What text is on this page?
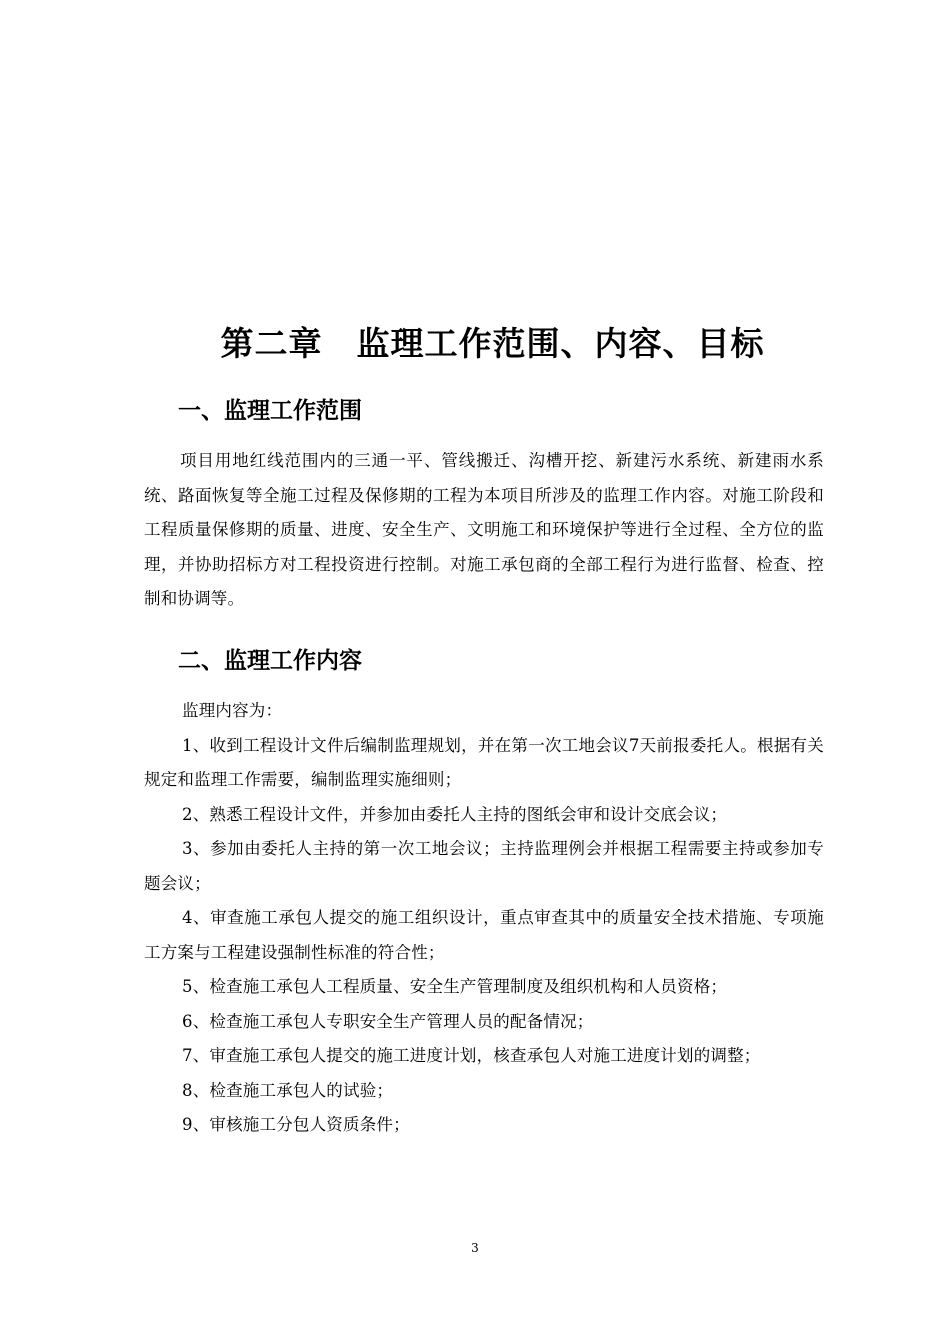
第二章　监理工作范围、内容、目标
一、监理工作范围
项目用地红线范围内的三通一平、管线搬迁、沟槽开挖、新建污水系统、新建雨水系统、路面恢复等全施工过程及保修期的工程为本项目所涉及的监理工作内容。对施工阶段和工程质量保修期的质量、进度、安全生产、文明施工和环境保护等进行全过程、全方位的监理，并协助招标方对工程投资进行控制。对施工承包商的全部工程行为进行监督、检查、控制和协调等。
二、监理工作内容

监理内容为：

1、收到工程设计文件后编制监理规划，并在第一次工地会议7天前报委托人。根据有关规定和监理工作需要，编制监理实施细则；

2、熟悉工程设计文件，并参加由委托人主持的图纸会审和设计交底会议；

3、参加由委托人主持的第一次工地会议；主持监理例会并根据工程需要主持或参加专题会议；

4、审查施工承包人提交的施工组织设计，重点审查其中的质量安全技术措施、专项施工方案与工程建设强制性标准的符合性；

5、检查施工承包人工程质量、安全生产管理制度及组织机构和人员资格；

6、检查施工承包人专职安全生产管理人员的配备情况；

7、审查施工承包人提交的施工进度计划，核查承包人对施工进度计划的调整；

8、检查施工承包人的试验；

9、审核施工分包人资质条件；

3
